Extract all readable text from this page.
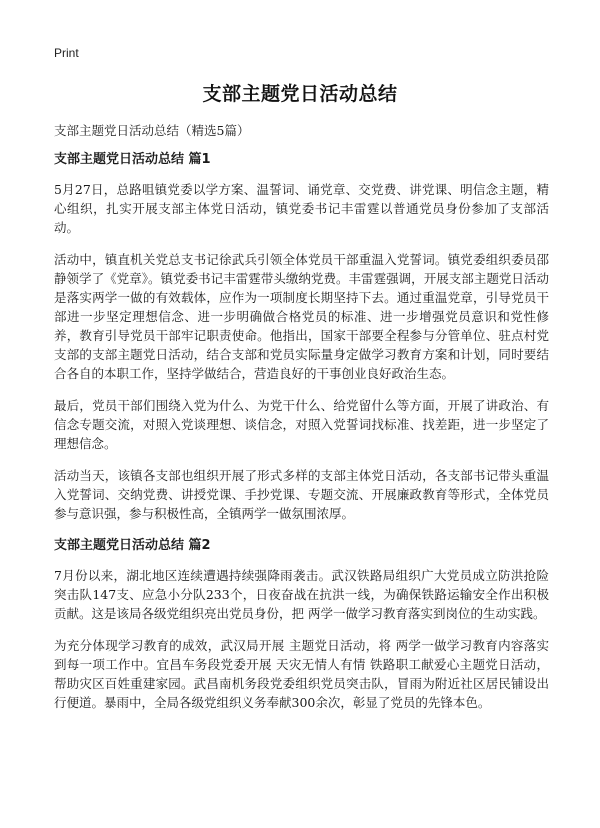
Print
支部主题党日活动总结

支部主题党日活动总结（精选5篇）

支部主题党日活动总结 篇1

5月27日，总路咀镇党委以学方案、温誓词、诵党章、交党费、讲党课、明信念主题，精心组织，扎实开展支部主体党日活动，镇党委书记丰雷霆以普通党员身份参加了支部活动。

活动中，镇直机关党总支书记徐武兵引领全体党员干部重温入党誓词。镇党委组织委员邵静领学了《党章》。镇党委书记丰雷霆带头缴纳党费。丰雷霆强调，开展支部主题党日活动是落实两学一做的有效载体，应作为一项制度长期坚持下去。通过重温党章，引导党员干部进一步坚定理想信念、进一步明确做合格党员的标准、进一步增强党员意识和党性修养，教育引导党员干部牢记职责使命。他指出，国家干部要全程参与分管单位、驻点村党支部的支部主题党日活动，结合支部和党员实际量身定做学习教育方案和计划，同时要结合各自的本职工作，坚持学做结合，营造良好的干事创业良好政治生态。

最后，党员干部们围绕入党为什么、为党干什么、给党留什么等方面，开展了讲政治、有信念专题交流，对照入党谈理想、谈信念，对照入党誓词找标准、找差距，进一步坚定了理想信念。

活动当天，该镇各支部也组织开展了形式多样的支部主体党日活动，各支部书记带头重温入党誓词、交纳党费、讲授党课、手抄党课、专题交流、开展廉政教育等形式，全体党员参与意识强，参与积极性高，全镇两学一做氛围浓厚。

支部主题党日活动总结 篇2

7月份以来，湖北地区连续遭遇持续强降雨袭击。武汉铁路局组织广大党员成立防洪抢险突击队147支、应急小分队233个，日夜奋战在抗洪一线，为确保铁路运输安全作出积极贡献。这是该局各级党组织亮出党员身份，把 两学一做学习教育落实到岗位的生动实践。

为充分体现学习教育的成效，武汉局开展 主题党日活动，将 两学一做学习教育内容落实到每一项工作中。宜昌车务段党委开展 天灾无情人有情 铁路职工献爱心主题党日活动，帮助灾区百姓重建家园。武昌南机务段党委组织党员突击队，冒雨为附近社区居民铺设出行便道。暴雨中，全局各级党组织义务奉献300余次，彰显了党员的先锋本色。
